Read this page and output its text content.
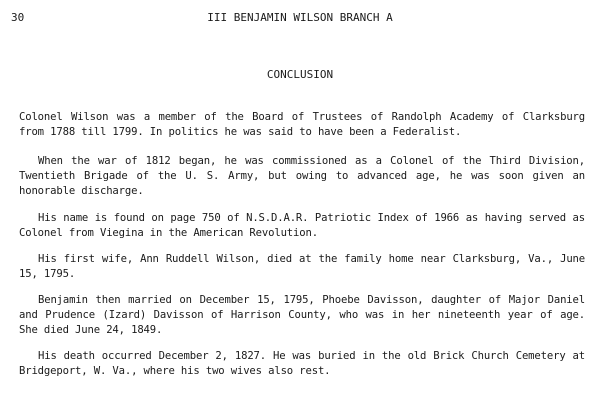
30	III BENJAMIN WILSON BRANCH A
CONCLUSION

Colonel Wilson was a member of the Board of Trustees of Randolph Academy of Clarksburg from 1788 till 1799. In politics he was said to have been a Federalist.

When the war of 1812 began, he was commissioned as a Colonel of the Third Division, Twentieth Brigade of the U. S. Army, but owing to advanced age, he was soon given an honorable discharge.

His name is found on page 750 of N.S.D.A.R. Patriotic Index of 1966 as having served as Colonel from Viegina in the American Revolution.

His first wife, Ann Ruddell Wilson, died at the family home near Clarksburg, Va., June 15, 1795.

Benjamin then married on December 15, 1795, Phoebe Davisson, daughter of Major Daniel and Prudence (Izard) Davisson of Harrison County, who was in her nineteenth year of age. She died June 24, 1849.

His death occurred December 2, 1827. He was buried in the old Brick Church Cemetery at Bridgeport, W. Va., where his two wives also rest.
